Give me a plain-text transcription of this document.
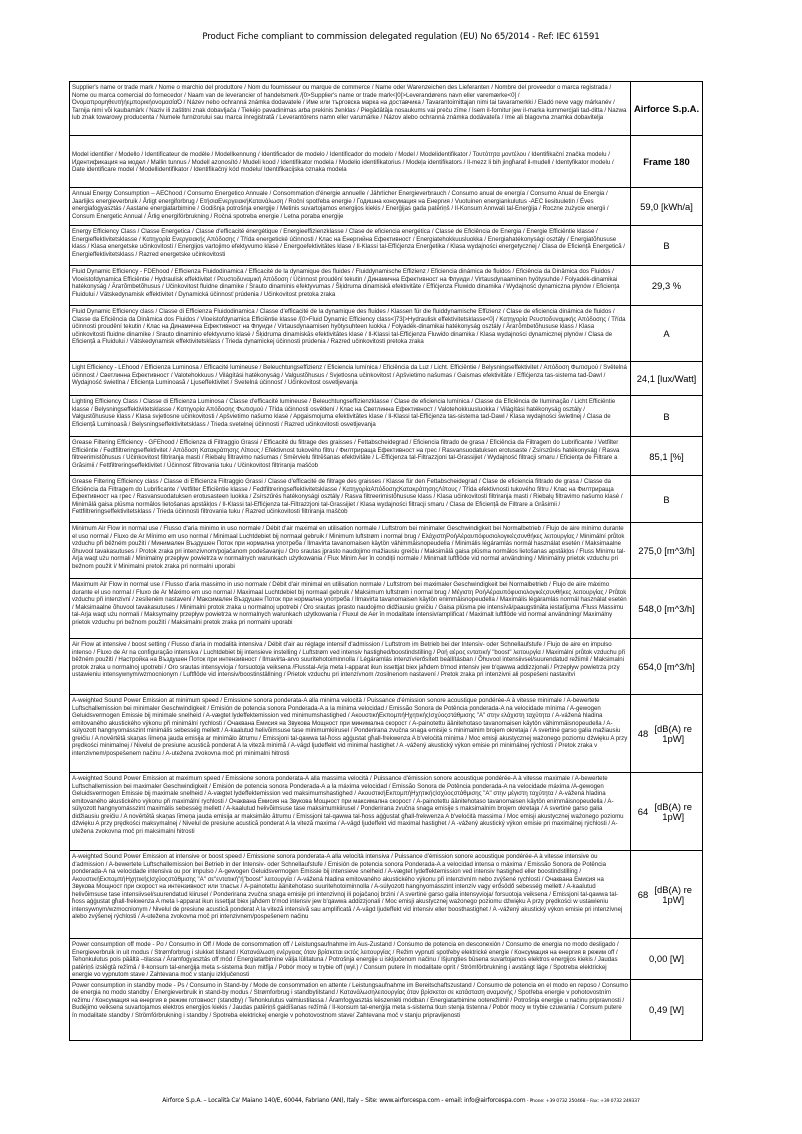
Product Fiche compliant to commission delegated regulation (EU) No 65/2014 - Ref: IEC 61591
Supplier's name or trade mark / Nome o marchio del produttore / Nom du fournisseur ou marque de commerce / Name oder Warenzeichen des Lieferanten / Nombre del proveedor o marca registrada / Nome ou marca comercial do fornecedor / Naam van de leverancier of handelsmerk /[0>Supplier's name or trade mark<]0[>Leverandørens navn eller varemærke<0] / ΌνομαπρομηθευτήήεμπορικήονομασίαΌ / Název nebo ochranná známka dodavatele / Име или търговска марка на доставчика / Tavarantoimittajan nimi tai tavaramerkki / Eladó neve vagy márkanév / Tarnija nimi või kaubamärk / Naziv ili zaštitni znak dobavljača / Tiekėjo pavadinimas arba prekinis ženklas / Piegādātāja nosaukums vai preču zīme / Isem il-fornitur jew il-marka kummerċjali tad-ditta / Nazwa lub znak towarowy producenta / Numele furnizorului sau marca înregistrată / Leverantörens namn eller varumärke / Názov alebo ochranná známka dodávateľa / Ime ali blagovna znamka dobavitelja	Airforce S.p.A.
Model identifier / Modello / Identificateur de modèle / Modellkennung / Identificador de modelo / Identificador do modelo / Model / Modelidentifikator / Τουτότητα μοντέλου / Identifikační značka modelu / Идентификация на модел / Mallin tunnus / Modell azonosító / Mudeli kood / Identifikator modela / Modelio identifikatorius / Modeļa identifikators / Il-mezz li bih jingħaraf il-mudell / Identyfikator modelu / Date identificare model / Modellidentifikator / Identifikačný kód modelu/ Identifikacijska oznaka modela	Frame 180
Annual Energy Consumption – AEChood / Consumo Energetico Annuale / Consommation d'énergie annuelle / Jährlicher Energieverbrauch / Consumo anual de energía / Consumo Anual de Energia / Jaarlijks energieverbruik / Årligt energiforbrug / ΕτήσιαΕνεργειακήΚατανάλωση / Roční spotřeba energie / Годишна консумация на Енергия / Vuotuinen energiankulutus -AEC liesituuletin / Éves energiafogyasztás / Aastane energiatarbimine / Godišnja potrošnja energije / Metinis suvartojamos energijos kiekis / Enerģijas gada patēriņš / Il-Konsum Annwali tal-Enerġija / Roczne zużycie energii / Consum Energetic Annual / Årlig energiförbrukning / Ročná spotreba energie / Letna poraba energije	59,0 [kWh/a]
Energy Efficiency Class / Classe Energetica / Classe d'efficacité énergétique / Energieeffizienzklasse / Clase de eficiencia energética / Classe de Eficiência de Energia / Energie Efficiëntie klasse / Energieffektivitetsklasse / Κατηγορία Ενεργειακής Απόδοσης / Třída energetické účinnosti / Клас на Енергийна Ефективност / Energiatehokkuusluokka / Energiahatékonysági osztály / Energiatõhususe klass / Klasa energetske učinkovitosti / Energijos vartojimo efektyvumo klasė / Energoefektivitātes klase / Il-Klassi tal-Effiċjenza Enerġetika / Klasa wydajności energetycznej / Clasa de Eficiență Energetică / Energieffektivitetsklass / Razred energetske učinkovitosti	B
Fluid Dynamic Efficiency - FDEhood / Efficienza Fluidodinamica / Efficacité de la dynamique des fluides / Fluiddynamische Effizienz / Eficiencia dinámica de fluidos / Eficiência da Dinâmica dos Fluidos / Vloeistofdynamica Efficiëntie / Hydraulisk effektivitet / Ρευστοδυναμική Απόδοση / Účinnost proudění tekutin / Динамична Ефективност на Флуиди / Virtausdynaaminen hyötysuhde / Folyadék-dinamikai hatékonyság / Ärатõmbetõhusus / Učinkovitost fluidne dinamike / Srauto dinaminis efektyvumas / Šķidruma dinamiskā efektivitāte / Effiċjenza Fluwido dinamika / Wydajność dynamiczna płynów / Eficiența Fluidului / Vätskedynamisk effektivitet / Dynamická účinnosť prúdenia / Učinkovitost pretoka zraka	29,3 %
Fluid Dynamic Efficiency class / Classe di Efficienza Fluidodinamica / Classe d'efficacité de la dynamique des fluides / Klassen für die fluiddynamische Effizienz / Clase de eficiencia dinámica de fluidos / Classe da Eficiência da Dinâmica dos Fluidos / Vloeistofdynamica Efficiëntie klasse /[0>Fluid Dynamic Efficiency class<]73[>Hydraulisk effektivitetsklasse<0] / Κατηγορία Ρευστοδυναμικής Απόδοσης / Třída účinnosti proudění tekutin / Клас на Динамична Ефективност на Флуиди / Virtausdynaamisen hyötysuhteen luokka / Folyadék-dinamikai hatékonyság osztály / Ärатõmbetõhususe klass / Klasa učinkovitosti fluidne dinamike / Srauto dinaminio efektyvumo klasė / Šķidruma dinamiskās efektivitātes klase / Il-Klassi tal-Effiċjenza Fluwido dinamika / Klasa wydajności dynamicznej płynów / Clasa de Eficiență a Fluidului / Vätskedynamisk effektivitetsklass / Trieda dynamickej účinnosti prúdenia / Razred učinkovitosti pretoka zraka	A
Light Efficiency - LEhood / Efficienza Luminosa / Efficacité lumineuse / Beleuchtungseffizienz / Eficiencia lumínica / Eficiência da Luz / Licht. Efficiëntie / Belysningseffektivitet / Απόδοση Φωτισμού / Světelná účinnost / Светлинна Ефективност / Valotehokkuus / Világítási hatékonyság / Valgustõhusus / Svjetlosna učinkovitost / Apšvietimo našumas / Gaismas efektivitāte / Effiċjenza tas-sistema tad-Dawl / Wydajność świetlna / Eficiența Luminoasă / Ljuseffektivitet / Svetelná účinnosť / Učinkovitost osvetljevanja	24,1 [lux/Watt]
Lighting Efficiency Class / Classe di Efficienza Luminosa / Classe d'efficacité lumineuse / Beleuchtungseffizienzklasse / Clase de eficiencia lumínica / Classe da Eficiência de Iluminação / Licht Efficiëntie klasse / Belysningseffektivitetsklasse / Κατηγορία Απόδοσης Φωτισμού / Třída účinnosti osvětlení / Клас на Светлинна Ефективност / Valotehokkuusluokka / Világítási hatékonyság osztály / Valgustõhususe klass / Klasa svjetlosne učinkovitosti / Apšvietimo našumo klasė / Apgaismojuma efektivitātes klase / Il-Klassi tal-Effiċjenza tas-sistema tad-Dawl / Klasa wydajności świetlnej / Clasa de Eficiență Luminoasă / Belysningseffektivitetsklass / Trieda svetelnej účinnosti / Razred učinkovitosti osvetljevanja	B
Grease Filtering Efficiency - GFEhood / Efficienza di Filtraggio Grassi / Efficacité du filtrage des graisses / Fettabscheidegrad / Eficiencia filtrado de grasa / Eficiência da Filtragem do Lubrificante / Vetfilter Efficiëntie / Fedtfiltreringseffektivitet / Απόδοση Κατακράτησης Λίπους / Efektivnost tukového filtru / Филтрираща Ефективност на грес / Rasvansuodatuksen erotusaste / Zsírszűrés hatékonyság / Rasva filtreerimistõhusus / Učinkovitost filtriranja masti / Riebalų filtravimo našumas / Smērvielu filtrēšanas efektivitāte / L-Effiċjenza tal-Filtrazzjoni tal-Grassijiet / Wydajność filtracji smaru / Eficiența de Filtrare a Grăsimii / Fettfiltreringseffektivitet / Účinnosť filtrovania tuku / Učinkovitost filtriranja maščob	85,1 [%]
Grease Filtering Efficiency class / Classe di Efficienza Filtraggio Grassi / Classe d'efficacité de filtrage des graisses / Klasse für den Fettabscheidegrad / Clase de eficiencia filtrado de grasa / Classe da Eficiência da Filtragem do Lubrificante / Vetfilter Efficiëntie klasse / Fedtfiltreringseffektivitetsklasse / ΚατηγορίαΑπόδοσηςΚατακράτησηςΛίπους / Třída efektivnosti tukového filtru / Клас на Филтрираща Ефективност на грес / Rasvansuodatuksen erotusasteen luokka / Zsírszűrés hatékonysági osztály / Rasva filtreerimistõhususe klass / Klasa učinkovitosti filtriranja masti / Riebalų filtravimo našumo klasė / Minimālā gaisa plūsma normālos lietošanas apstākļos / Il-Klassi tal-Effiċjenza tal-Filtrazzjoni tal-Grassijiet / Klasa wydajności filtracji smaru / Clasa de Eficiență de Filtrare a Grăsimii / Fettfiltreringseffektivitetsklass / Trieda účinnosti filtrovania tuku / Razred učinkovitosti filtriranja maščob	B
Minimum Air Flow in normal use / Flusso d'aria minimo in uso normale / Débit d'air maximal en utilisation normale / Luftstrom bei minimaler Geschwindigkeit bei Normalbetrieb / Flujo de aire mínimo durante el uso normal / Fluxo de Ar Mínimo em uso normal / Minimaal Luchtdebiet bij normaal gebruik / Minimum luftstrøm i normal brug / ΕλάχιστηΡοήΑέραυπόφυσιολογικέςσυνθήκες λειτουργίας / Minimální průtok vzduchu při běžném použití / Минимален Въздушен Поток при нормална употреба / Ilmavirta tavanomaisen käytön vähimmäisnopeudella / Minimális légáramlás normál használat esetén / Maksimaalne õhuvool tavakasutuses / Protok zraka pri intenzivnom/pojačanom podešavanju / Oro srautas įprasto naudojimo mažiausiu greičiu / Maksimālā gaisa plūsma normālos lietošanas apstākļos / Fluss Minimu tal-Arja waqt użu normali / Minimalny przepływ powietrza w normalnych warunkach użytkowania / Flux Minim Aer în condiții normale / Minimalt luftflöde vid normal användning / Minimálny prietok vzduchu pri bežnom použit í/ Minimalni pretok zraka pri normalni uporabi	275,0 [m^3/h]
Maximum Air Flow in normal use / Flusso d'aria massimo in uso normale / Débit d'air minimal en utilisation normale / Luftstrom bei maximaler Geschwindigkeit bei Normalbetrieb / Flujo de aire máximo durante el uso normal / Fluxo de Ar Máximo em uso normal / Maximaal Luchtdebiet bij normaal gebruik / Maksimum luftstrøm i normal brug / Μέγιστη ΡοήΑέραυπόφυσιολογικέςσυνθήκες λειτουργίας / Průtok vzduchu při intenzivní / zesíleném nastavení / Максимален Въздушен Поток при нормална употреба / Ilmavirta tavanomaisen käytön enimmäisnopeudella / Maximális légáramlás normál használat esetén / Maksimaalne õhuvool tavakasutuses / Minimalni protok zraka u normalnoj upotrebi / Oro srautas įprasto naudojimo didžiausiu greičiu / Gaisa plūsma pie intensīvā/paaugstināta iestatījuma /Fluss Massimu tal-Arja waqt użu normali / Maksymalny przepływ powietrza w normalnych warunkach użytkowania / Fluxul de Aer în modalitate intensiv/amplificat / Maximalt luftflöde vid normal användning/ Maximálny prietok vzduchu pri bežnom použití / Maksimalni pretok zraka pri normalni uporabi	548,0 [m^3/h]
Air Flow at intensive / boost setting / Flusso d'aria in modalità intensiva / Débit d'air au réglage intensif d'admission / Luftstrom im Betrieb bei der Intensiv- oder Schnellaufstufe / Flujo de aire en impulso intenso / Fluxo de Ar na configuração intensiva / Luchtdebiet bij intensieve instelling / Luftstrøm ved intensiv hastighed/boostindstilling / Ροή αέρος εντατική/ "boost" λειτουργία / Maximální průtok vzduchu při běžném použití / Настройка на Въздушен Поток при интензивност / Ilmavirta-arvo suuritehotoiminnolla / Légáramlás intenzív/erősített beállításban / Õhuvool intensiivsel/suurendatud režiimil / Maksimalni protok zraka u normalnoj upotrebi / Oro srautas intensyvioja / forsuotoja veiksena /Flusstal-Arja meta l-apparat ikun issettjat biex jaħdem b'mod intensiv jew b'qawwa addizzjonali / Przepływ powietrza przy ustawieniu intensywnym/wzmocnionym / Luftflöde vid intensiv/boostinställning / Prietok vzduchu pri intenzívnom /zosilnenom nastavení / Pretok zraka pri intenzivni ali pospešeni nastavitvi	654,0 [m^3/h]
A-weighted Sound Power Emission at minimum speed / Emissione sonora ponderata-A alla minima velocità / Puissance d'émission sonore acoustique pondérée-A à vitesse minimale / A-bewertete Luftschallemission bei minimaler Geschwindigkeit / Emisión de potencia sonora Ponderada-A a la mínima velocidad / Emissão Sonora de Potência ponderada-A na velocidade mínima / A-gewogen Geluidsvermogen Emissie bij minimale snelheid / A-vægtet lydeffektemission ved minimumshastighed / ΑκουστικήΕκπομπήΗχητικήςΙσχύοςστάθμισης "A" στην ελάχιστη ταχύτητα / A-vážená hladina emitovaného akustického výkonu při minimální rychlosti / Очаквана Емисия на Звукова Мощност при минимална скорост / A-painotettu äänitehotaso tavanomaisen käytön vähimmäisnopeudella / A-súlyozott hangnyomásszint minimális sebesség mellett / A-kaalutud helivõimsuse tase minimumkiirusel / Ponderirana zvučna snaga emisije s minimalnim brojem okretaja / A svertinė garso galia mažiausiu greičiu / A novērtētā skaņas līmeņa jauda emisija ar minimālo ātrumu / Emissjoni tal-qawwa tal-ħoss aġġustat għall-frekwenza A b'veloċità minima / Moc emisji akustycznej ważonego poziomu dźwięku A przy prędkości minimalnej / Nivelul de presiune acustică ponderat A la viteză minimă / A-vägd ljudeffekt vid minimal hastighet / A -vážený akustický výkon emisie pri minimálnej rýchlosti / Pretok zraka v intenzivnem/pospešenem načinu / A-utežena zvokovna moč pri minimalni hitrosti	48 [dB(A) re 1pW]

A-weighted Sound Power Emission at maximum speed / Emissione sonora ponderata-A alla massima velocità / Puissance d'émission sonore acoustique pondérée-A à vitesse maximale / A-bewertete Luftschallemission bei maximaler Geschwindigkeit / Emisión de potencia sonora Ponderada-A a la máxima velocidad / Emissão Sonora de Potência ponderada-A na velocidade máxima /A-gewogen Geluidsvermogen Emissie bij maximale snelheid / A-vægtet lydeffektemission ved maksimumshastighed / ΑκουστικήΕκπομπήΗχητικήςΙσχύοςστάθμισης "A" στην μέγιστη ταχύτητα / A-vážená hladina emitovaného akustického výkonu při maximální rychlosti / Очаквана Емисия на Звукова Мощност при максимална скорост / A-painotettu äänitehotaso tavanomaisen käytön enimmäisnopeudella / A-súlyozott hangnyomásszint maximális sebesség mellett / A-kaalutud helivõimsuse tase maksimumkiirusel / Ponderirana zvučna snaga emisije s maksimalnim brojem okretaja / A svertinė garso galia didžiausiu greičiu / A novērtētā skaņas līmeņa jauda emisija ar maksimālo ātrumu / Emissjoni tal-qawwa tal-ħoss aġġustat għall-frekwenza A b'veloċità massima / Moc emisji akustycznej ważonego poziomu dźwięku A przy prędkości maksymalnej / Nivelul de presiune acustică ponderat A la viteză maxima / A-vägd ljudeffekt vid maximal hastighet / A -vážený akustický výkon emisie pri maximálnej rýchlosti / A-utežena zvokovna moč pri maksimalni hitrosti	64 [dB(A) re 1pW]

A-weighted Sound Power Emission at intensive or boost speed / Emissione sonora ponderata-A alla velocità intensiva / Puissance d'émission sonore acoustique pondérée-A à vitesse intensive ou d'admission / A-bewertete Luftschallemission bei Betrieb in der Intensiv- oder Schnellaufstufe / Emisión de potencia sonora Ponderada-A a velocidad intensa o máxima / Emissão Sonora de Potência ponderada-A na velocidade intensiva ou por impulso / A-gewogen Geluidsvermogen Emissie bij intensieve snelheid / A-vægtet lydeffektemission ved intensiv hastighed eller boostindstilling / ΑκουστικήΕκπομπήΗχητικήςΙσχύοςστάθμισης "A" σε"εντατική"ή"boost" λειτουργία / A-vážená hladina emitovaného akustického výkonu při intenzivním nebo zvýšené rychlosti / Очаквана Емисия на Звукова Мощност при скорост на интензивност или тласък / A-painotettu äänitehotaso suuritehotoiminnolla / A-súlyozott hangnyomásszint intenzív vagy erősödő sebesség mellett / A-kaalutud helivõimsuse tase intensiivsel/suurendatud kiirusel / Ponderirana zvučna snaga emisije pri intenzivnoj ili pojačanoj brzini / A svertinė garso galia intensyvioja/ forsuotoja veiksena / Emissjoni tal-qawwa tal-ħoss aġġustat għall-frekwenza A meta l-apparat ikun issettjat biex jaħdem b'mod intensiv jew b'qawwa addizzjonali / Moc emisji akustycznej ważonego poziomu dźwięku A przy prędkości w ustawieniu intensywnym/wzmocnionym / Nivelul de presiune acustică ponderat A la viteză intensivă sau amplificată / A-vägd ljudeffekt vid intensiv eller boosthastighet / A -vážený akustický výkon emisie pri intenzívnej alebo zvýšenej rýchlosti / A-utežena zvokovna moč pri intenzivnem/pospešenem načinu	68 [dB(A) re 1pW]

Power consumption off mode - Po / Consumo in Off / Mode de consommation off / Leistungsaufnahme im Aus-Zustand / Consumo de potencia en desconexión / Consumo de energia no modo desligado / Energieverbruik in uit modus / Strømforbrug i slukket tilstand / Κατανάλωση ενέργειας όταν βρίσκεται εκτός λειτουργίας / Režim vypnutí spotřeby elektrické energie / Консумация на енергия в режим off / Tehonkulutus pois päältä –tilassa / Áramfogyasztás off mód / Energiatarbimine välja lülitatuna / Potrošnja energije u isključenom načinu / Išjungties būsena suvartojamos elektros energijos kiekis / Jaudas patēriņš izslēgtā režīmā / Il-konsum tal-enerġija meta s-sistema tkun mitfija / Pobór mocy w trybie off (wył.) / Consum putere în modalitate oprit / Strömförbrukning i avstängt läge / Spotreba elektrickej energie vo vypnutom stave / Zahtevana moč v stanju izključenosti	0,00 [W]
Power consumption in standby mode - Ps / Consumo in Stand-by / Mode de consommation en attente / Leistungsaufnahme im Bereitschaftszustand / Consumo de potencia en el modo en reposo / Consumo de energia no modo standby / Energieverbruik in stand-by modus / Strømforbrug i standbytilstand / Κατανάλωσηλειτουργίας όταν βρίσκεται σε κατάσταση αναμονής / Spotřeba energie v pohotovostním režimu / Консумация на енергия в режим готовност (standby) / Tehonkulutus valmiustilassa / Áramfogyasztás készenléti módban / Energiatarbimine ooterežiimil / Potrošnja energije u načinu pripravnosti / Budėjimo veiksena suvartojamos elektros energijos kiekis / Jaudas patēriņš gaidīšanas režīmā / Il-konsum tal-enerġija meta s-sistema tkun stenja tistenna / Pobór mocy w trybie czuwania / Consum putere în modalitate standby / Strömförbrukning i standby / Spotreba elektrickej energie v pohotovostnom stave/ Zahtevana moč v stanju pripravljenosti	0,49 [W]
Airforce S.p.A. – Località Ca' Maiano 140/E, 60044, Fabriano (AN), Italy – Site: www.airforcespa.com - email: info@airforcespa.com - Phone: +39 0732 250468 – Fax: +39 0732 249337
